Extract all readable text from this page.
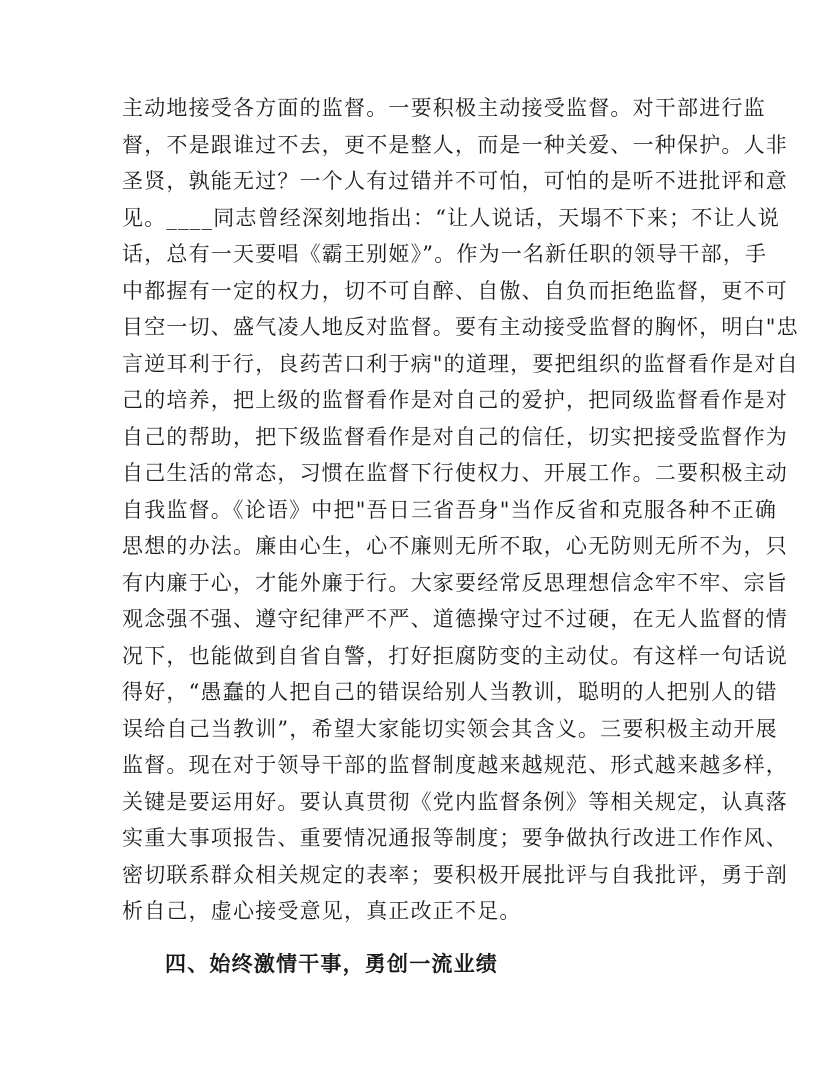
主动地接受各方面的监督。一要积极主动接受监督。对干部进行监
督，不是跟谁过不去，更不是整人，而是一种关爱、一种保护。人非
圣贤，孰能无过？一个人有过错并不可怕，可怕的是听不进批评和意
见。____同志曾经深刻地指出：“让人说话，天塌不下来；不让人说
话，总有一天要唱《霸王别姬》”。作为一名新任职的领导干部，手
中都握有一定的权力，切不可自醉、自傲、自负而拒绝监督，更不可
目空一切、盛气凌人地反对监督。要有主动接受监督的胸怀，明白"忠
言逆耳利于行，良药苦口利于病"的道理，要把组织的监督看作是对自
己的培养，把上级的监督看作是对自己的爱护，把同级监督看作是对
自己的帮助，把下级监督看作是对自己的信任，切实把接受监督作为
自己生活的常态，习惯在监督下行使权力、开展工作。二要积极主动
自我监督。《论语》中把"吾日三省吾身"当作反省和克服各种不正确
思想的办法。廉由心生，心不廉则无所不取，心无防则无所不为，只
有内廉于心，才能外廉于行。大家要经常反思理想信念牢不牢、宗旨
观念强不强、遵守纪律严不严、道德操守过不过硬，在无人监督的情
况下，也能做到自省自警，打好拒腐防变的主动仗。有这样一句话说
得好，“愚蠢的人把自己的错误给别人当教训，聪明的人把别人的错
误给自己当教训”，希望大家能切实领会其含义。三要积极主动开展
监督。现在对于领导干部的监督制度越来越规范、形式越来越多样，
关键是要运用好。要认真贯彻《党内监督条例》等相关规定，认真落
实重大事项报告、重要情况通报等制度；要争做执行改进工作作风、
密切联系群众相关规定的表率；要积极开展批评与自我批评，勇于剖
析自己，虚心接受意见，真正改正不足。
四、始终激情干事，勇创一流业绩
